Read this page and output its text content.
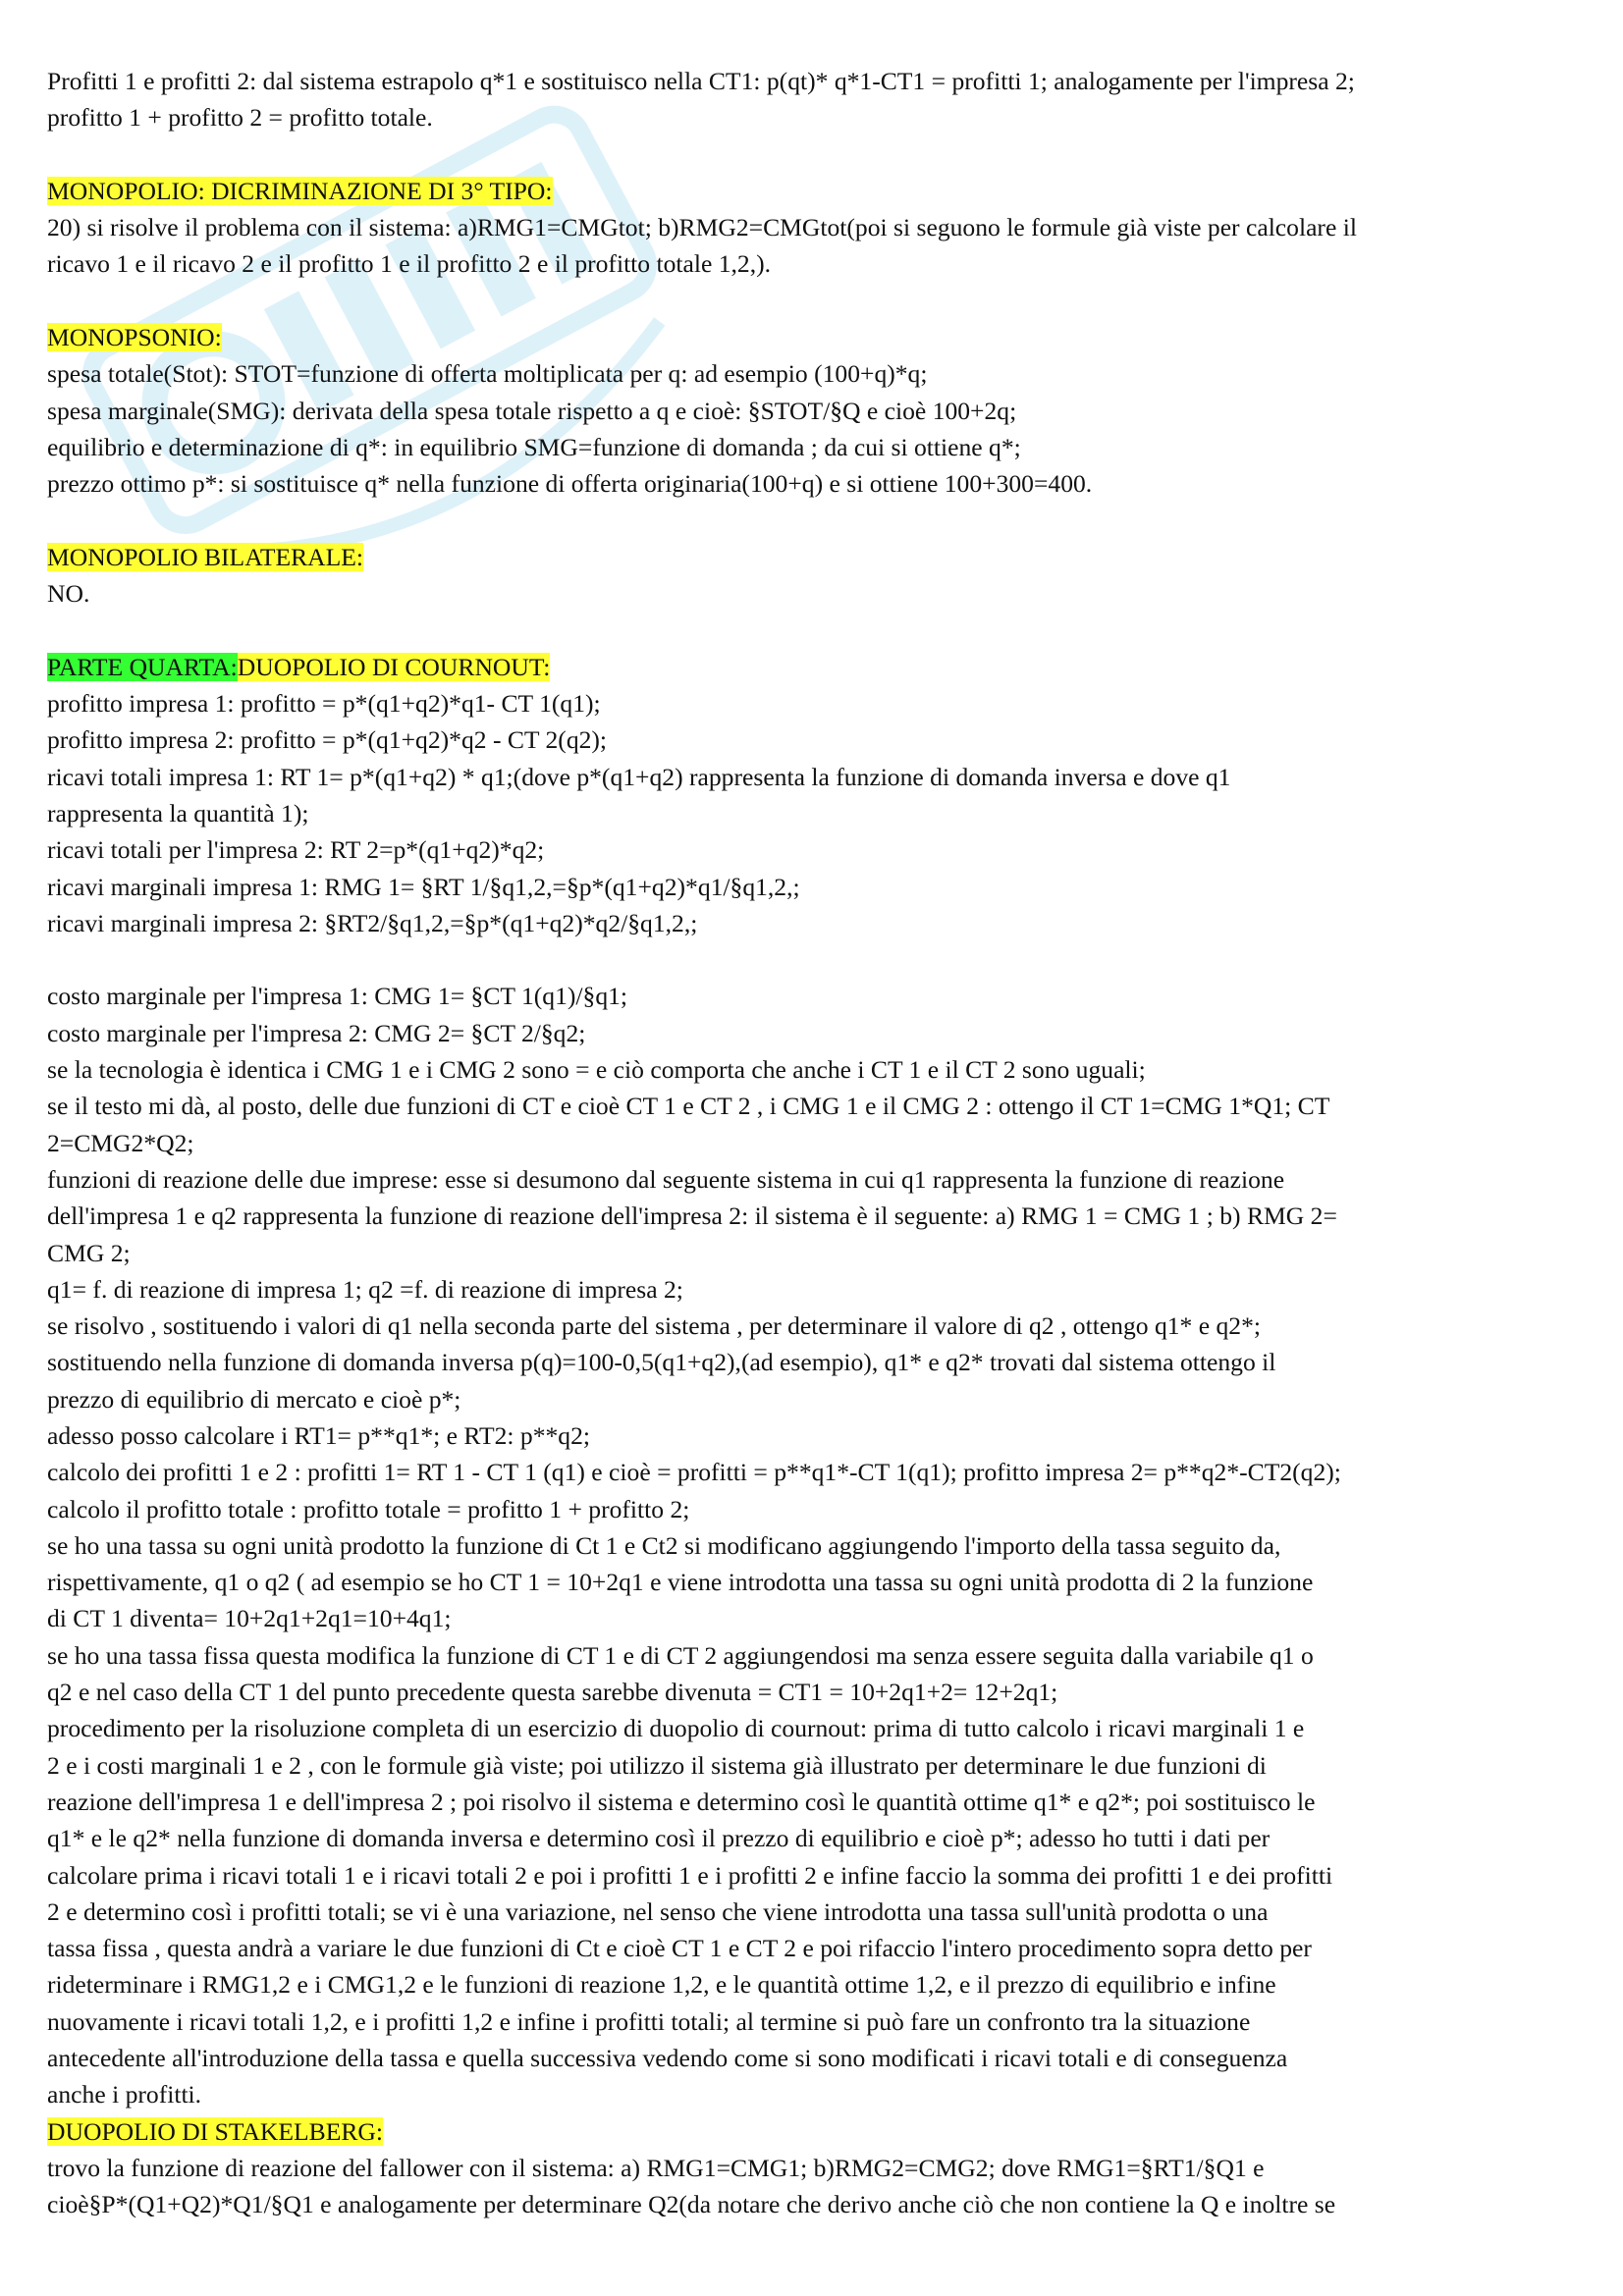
Profitti 1 e profitti 2: dal sistema estrapolo q*1 e sostituisco nella CT1: p(qt)* q*1-CT1 = profitti 1; analogamente per l'impresa 2;

profitto 1 + profitto 2 = profitto totale.

MONOPOLIO: DICRIMINAZIONE DI 3° TIPO:

20) si risolve il problema con il sistema: a)RMG1=CMGtot; b)RMG2=CMGtot(poi si seguono le formule già viste per calcolare il

ricavo 1 e il ricavo 2 e il profitto 1 e il profitto 2 e il profitto totale 1,2,).

MONOPSONIO:

spesa totale(Stot): STOT=funzione di offerta moltiplicata per q: ad esempio (100+q)*q;

spesa marginale(SMG): derivata della spesa totale rispetto a q e cioè: §STOT/§Q e cioè 100+2q;

equilibrio e determinazione di q*: in equilibrio SMG=funzione di domanda ; da cui si ottiene q*;

prezzo ottimo p*: si sostituisce q* nella funzione di offerta originaria(100+q) e si ottiene 100+300=400.

MONOPOLIO BILATERALE:

NO.

PARTE QUARTA:DUOPOLIO DI COURNOUT:

profitto impresa 1: profitto = p*(q1+q2)*q1- CT 1(q1);

profitto impresa 2: profitto = p*(q1+q2)*q2 - CT 2(q2);

ricavi totali impresa 1: RT 1= p*(q1+q2) * q1;(dove p*(q1+q2) rappresenta la funzione di domanda inversa e dove q1

rappresenta la quantità 1);

ricavi totali per l'impresa 2: RT 2=p*(q1+q2)*q2;

ricavi marginali impresa 1: RMG 1= §RT 1/§q1,2,=§p*(q1+q2)*q1/§q1,2,;

ricavi marginali impresa 2: §RT2/§q1,2,=§p*(q1+q2)*q2/§q1,2,;

costo marginale per l'impresa 1: CMG 1= §CT 1(q1)/§q1;

costo marginale per l'impresa 2: CMG 2= §CT 2/§q2;

se la tecnologia è identica i CMG 1 e i CMG 2 sono = e ciò comporta che anche i CT 1 e il CT 2 sono uguali;

se il testo mi dà, al posto, delle due funzioni di CT e cioè CT 1 e CT 2 , i CMG 1 e il CMG 2 : ottengo il CT 1=CMG 1*Q1; CT

2=CMG2*Q2;

funzioni di reazione delle due imprese: esse si desumono dal seguente sistema in cui q1 rappresenta la funzione di reazione

dell'impresa 1 e q2 rappresenta la funzione di reazione dell'impresa 2: il sistema è il seguente: a) RMG 1 = CMG 1 ; b) RMG 2=

CMG 2;

q1= f. di reazione di impresa 1; q2 =f. di reazione di impresa 2;

se risolvo , sostituendo i valori di q1 nella seconda parte del sistema , per determinare il valore di q2 , ottengo q1* e q2*;

sostituendo nella funzione di domanda inversa p(q)=100-0,5(q1+q2),(ad esempio), q1* e q2* trovati dal sistema ottengo il

prezzo di equilibrio di mercato e cioè p*;

adesso posso calcolare i RT1= p**q1*; e RT2: p**q2;

calcolo dei profitti 1 e 2 : profitti 1= RT 1 - CT 1 (q1) e cioè = profitti = p**q1*-CT 1(q1); profitto impresa 2= p**q2*-CT2(q2);

calcolo il profitto totale : profitto totale = profitto 1 + profitto 2;

se ho una tassa su ogni unità prodotto la funzione di Ct 1 e Ct2 si modificano aggiungendo l'importo della tassa seguito da,

rispettivamente, q1 o q2 ( ad esempio se ho CT 1 = 10+2q1 e viene introdotta una tassa su ogni unità prodotta di 2 la funzione

di CT 1 diventa= 10+2q1+2q1=10+4q1;

se ho una tassa fissa questa modifica la funzione di CT 1 e di CT 2 aggiungendosi ma senza essere seguita dalla variabile q1 o

q2 e nel caso della CT 1 del punto precedente questa sarebbe divenuta = CT1 = 10+2q1+2= 12+2q1;

procedimento per la risoluzione completa di un esercizio di duopolio di cournout: prima di tutto calcolo i ricavi marginali 1 e

2 e i costi marginali 1 e 2 , con le formule già viste; poi utilizzo il sistema già illustrato per determinare le due funzioni di

reazione dell'impresa 1 e dell'impresa 2 ; poi risolvo il sistema e determino così le quantità ottime q1* e q2*; poi sostituisco le

q1* e le q2* nella funzione di domanda inversa e determino così il prezzo di equilibrio e cioè p*; adesso ho tutti i dati per

calcolare prima i ricavi totali 1 e i ricavi totali 2 e poi i profitti 1 e i profitti 2 e infine faccio la somma dei profitti 1 e dei profitti

2 e determino così i profitti totali; se vi è una variazione, nel senso che viene introdotta una tassa sull'unità prodotta o una

tassa fissa , questa andrà a variare le due funzioni di Ct e cioè CT 1 e CT 2 e poi rifaccio l'intero procedimento sopra detto per

rideterminare i RMG1,2 e i CMG1,2 e le funzioni di reazione 1,2, e le quantità ottime 1,2, e il prezzo di equilibrio e infine

nuovamente i ricavi totali 1,2, e i profitti 1,2 e infine i profitti totali; al termine si può fare un confronto tra la situazione

antecedente all'introduzione della tassa e quella successiva vedendo come si sono modificati i ricavi totali e di conseguenza

anche i profitti.

DUOPOLIO DI STAKELBERG:

trovo la funzione di reazione del fallower con il sistema: a) RMG1=CMG1; b)RMG2=CMG2; dove RMG1=§RT1/§Q1 e

cioè§P*(Q1+Q2)*Q1/§Q1 e analogamente per determinare Q2(da notare che derivo anche ciò che non contiene la Q e inoltre se
